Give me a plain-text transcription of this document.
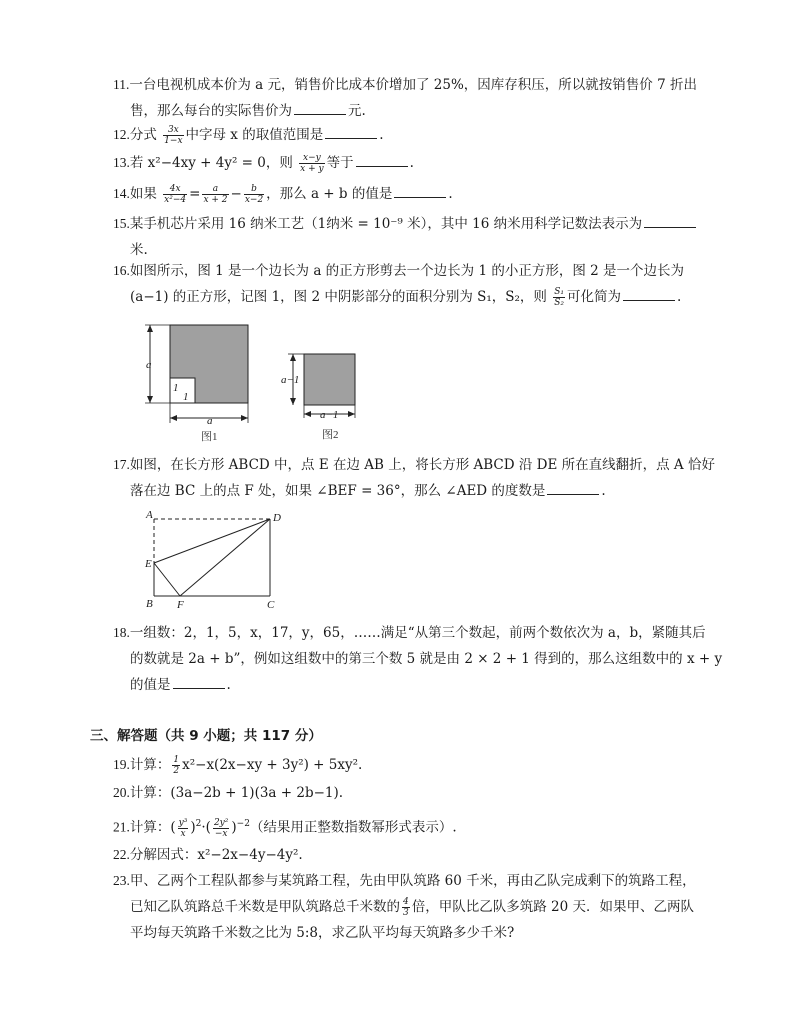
11.一台电视机成本价为 a 元，销售价比成本价增加了 25%，因库存积压，所以就按销售价 7 折出
售，那么每台的实际售价为	元.
12.分式 $\frac{3x}{1-x}$ 中字母 x 的取值范围是	.
13.若 x²−4xy + 4y² = 0，则 $\frac{x-y}{x + y}$ 等于	.
14.如果 $\frac{4x}{\text{x²−4}} = \frac{a}{x + 2} - \frac{b}{x-2}$ ，那么 a + b 的值是	.
15.某手机芯片采用 16 纳米工艺（1纳米 = 10⁻⁹ 米），其中 16 纳米用科学记数法表示为
米.
16.如图所示，图 1 是一个边长为 a 的正方形剪去一个边长为 1 的小正方形，图 2 是一个边长为
(a−1) 的正方形，记图 1，图 2 中阴影部分的面积分别为 S₁，S₂，则 $\frac{\text{S₁}}{\text{S₂}}$ 可化简为	.
a
a
1
1
图1
a−1
a−1
图2
17.如图，在长方形 ABCD 中，点 E 在边 AB 上，将长方形 ABCD 沿 DE 所在直线翻折，点 A 恰好
落在边 BC 上的点 F 处，如果 ∠BEF = 36°，那么 ∠AED 的度数是	.
A	D
E
B F	C
18.一组数：2，1，5，x，17，y，65，……满足“从第三个数起，前两个数依次为 a，b，紧随其后
的数就是 2a + b”，例如这组数中的第三个数 5 就是由 2 × 2 + 1 得到的，那么这组数中的 x + y
的值是	.
三、解答题（共 9 小题；共 117 分）
19.计算： $\frac{1}{2} x^2-x(2x-xy + 3y^2) + 5xy^2$.
20.计算：(3a−2b + 1)(3a + 2b−1).
21.计算：( $\frac{\text{y³}}{x} )^2\cdot( \frac{\text{2y²}}{-x} )^{-2}$（结果用正整数指数幂形式表示）.
22.分解因式：x²−2x−4y−4y².
23.甲、乙两个工程队都参与某筑路工程，先由甲队筑路 60 千米，再由乙队完成剩下的筑路工程，
已知乙队筑路总千米数是甲队筑路总千米数的 $\frac{4}{3}$ 倍，甲队比乙队多筑路 20 天．如果甲、乙两队
平均每天筑路千米数之比为 5:8，求乙队平均每天筑路多少千米?
